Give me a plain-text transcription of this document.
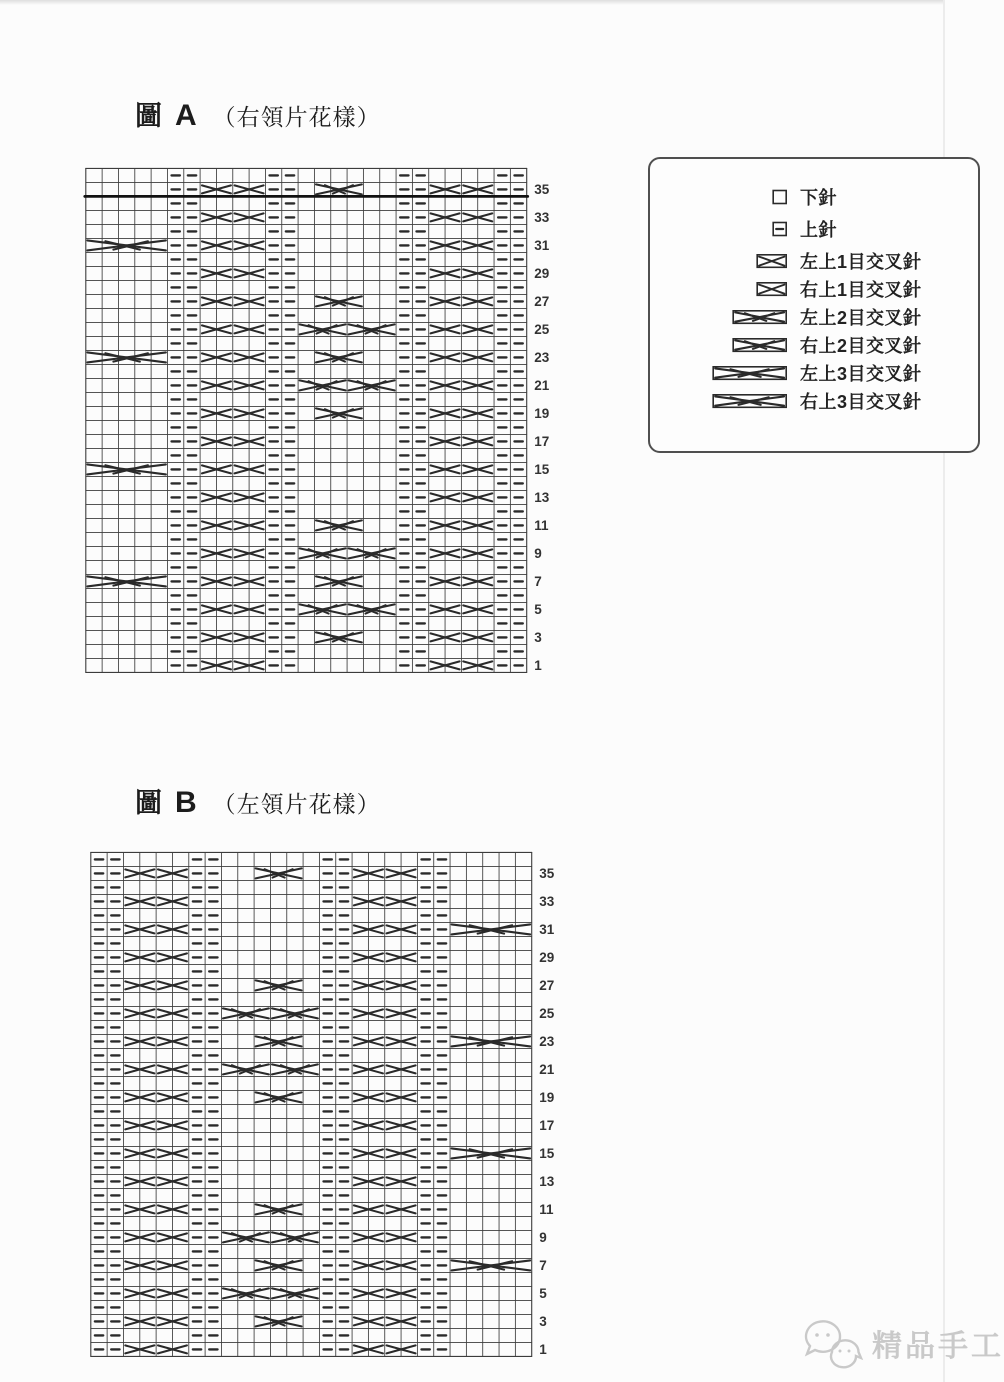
圖 A （右領片花樣）
35
33
31
29
27
25
23
21
19
17
15
13
11
9
7
5
3
1
下針
上針
左上1目交叉針
右上1目交叉針
左上2目交叉針
右上2目交叉針
左上3目交叉針
右上3目交叉針
圖 B （左領片花樣）
35
33
31
29
27
25
23
21
19
17
15
13
11
9
7
5
3
1	精品手工
